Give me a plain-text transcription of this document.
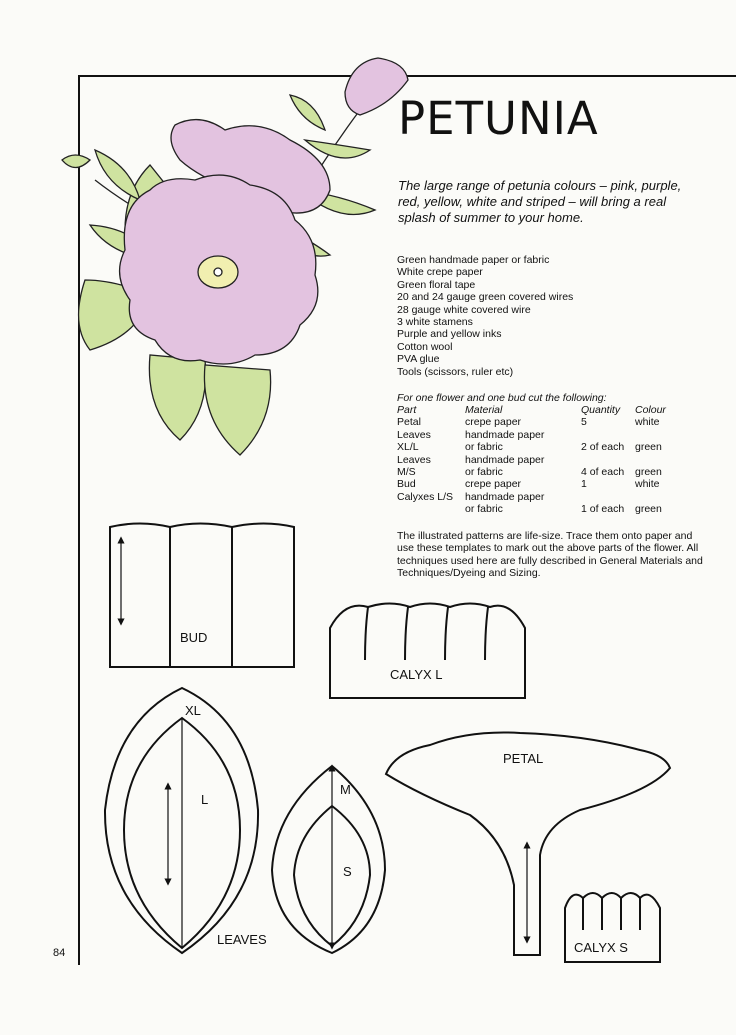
PETUNIA

The large range of petunia colours – pink, purple, red, yellow, white and striped – will bring a real splash of summer to your home.

Green handmade paper or fabric
White crepe paper
Green floral tape
20 and 24 gauge green covered wires
28 gauge white covered wire
3 white stamens
Purple and yellow inks
Cotton wool
PVA glue
Tools (scissors, ruler etc)

For one flower and one bud cut the following:

Part	Material	Quantity	Colour
Petal	crepe paper	5	white
Leaves	handmade paper		
XL/L	or fabric	2 of each	green
Leaves	handmade paper		
M/S	or fabric	4 of each	green
Bud	crepe paper	1	white
Calyxes L/S	handmade paper		
	or fabric	1 of each	green

The illustrated patterns are life-size. Trace them onto paper and use these templates to mark out the above parts of the flower. All techniques used here are fully described in General Materials and Techniques/Dyeing and Sizing.

BUD
CALYX L
XL
L
LEAVES
M
S
PETAL
CALYX S
84
